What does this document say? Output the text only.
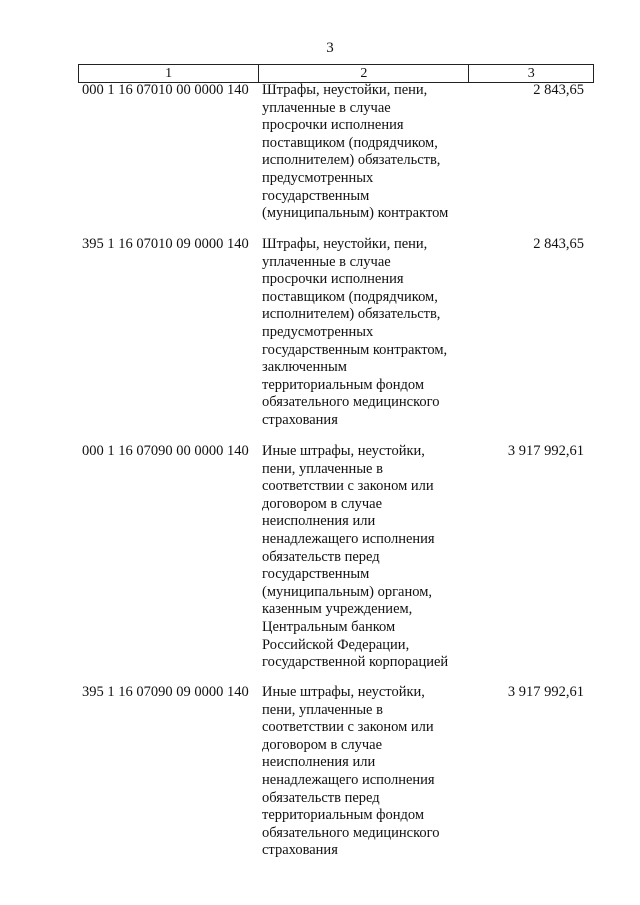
3
1	2	3
000 1 16 07010 00 0000 140 Штрафы, неустойки, пени,
уплаченные в случае
просрочки исполнения
поставщиком (подрядчиком,
исполнителем) обязательств,
предусмотренных
государственным
(муниципальным) контрактом
2 843,65
395 1 16 07010 09 0000 140 Штрафы, неустойки, пени,
уплаченные в случае
просрочки исполнения
поставщиком (подрядчиком,
исполнителем) обязательств,
предусмотренных
государственным контрактом,
заключенным
территориальным фондом
обязательного медицинского
страхования
2 843,65
000 1 16 07090 00 0000 140 Иные штрафы, неустойки,
пени, уплаченные в
соответствии с законом или
договором в случае
неисполнения или
ненадлежащего исполнения
обязательств перед
государственным
(муниципальным) органом,
казенным учреждением,
Центральным банком
Российской Федерации,
государственной корпорацией
3 917 992,61
395 1 16 07090 09 0000 140 Иные штрафы, неустойки,
пени, уплаченные в
соответствии с законом или
договором в случае
неисполнения или
ненадлежащего исполнения
обязательств перед
территориальным фондом
обязательного медицинского
страхования
3 917 992,61
